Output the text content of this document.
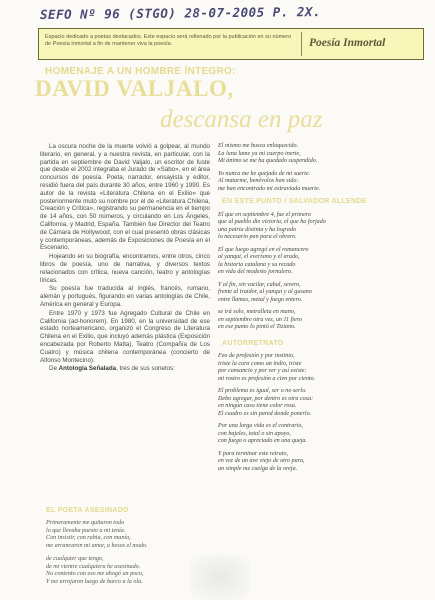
SEFO Nº 96 (STGO) 28-07-2005 P. 2X.
Espacio dedicado a poetas destacados. Este espacio será rellenado por la publicación en su número de Poesía Inmortal a fin de mantener viva la poesía.	Poesía Inmortal
HOMENAJE A UN HOMBRE ÍNTEGRO:
DAVID VALJALO,
descansa en paz

La oscura noche de la muerte volvió a golpear, al mundo literario, en general, y a nuestra revista, en particular, con la partida en septiembre de David Valjalo, un escritor de fuste que desde el 2002 integraba el Jurado de «Sabo», en el área concursos de poesía. Poeta, narrador, ensayista y editor, residió fuera del país durante 30 años, entre 1960 y 1990. Es autor de la revista «Literatura Chilena en el Exilio» que posteriormente mutó su nombre por el de «Literatura Chilena, Creación y Crítica», registrando su permanencia en el tiempo de 14 años, con 50 números, y circulando en Los Ángeles, California, y Madrid, España. También fue Director del Teatro de Cámara de Hollywood, con el cual presentó obras clásicas y contemporáneas, además de Exposiciones de Poesía en el Escenario.

Hojeando en su biografía, encontramos, entre otros, cinco libros de poesía, uno de narrativa, y diversos textos relacionados con crítica, nueva canción, teatro y antologías líricas.

Su poesía fue traducida al inglés, francés, rumano, alemán y portugués, figurando en varias antologías de Chile, América en general y Europa.

Entre 1970 y 1973 fue Agregado Cultural de Chile en California (ad-honorem). En 1980, en la universidad de ese estado norteamericano, organizó el Congreso de Literatura Chilena en el Exilio, que incluyó además plástica (Exposición encabezada por Roberto Matta), Teatro (Compañía de Los Cuatro) y música chilena contemporánea (concierto de Alfonso Montecino).

De Antología Señalada, tres de sus sonetos:

EL POETA ASESINADO
Primeramente me quitaron todo
lo que llevaba puesto a mi tenía.
Con insistir, con rabia, con manía,
me arrancaron mi amor, a besos el modo.
de cualquier que tengo,
de mi vientre cualquiera he asesinado.
No contento con eso me ahogó un poco,
Y me arrojaron luego de barco a la ola.
El mismo me busca enloquecido.
La luna lame ya mi cuerpo inerte,
Mi ánimo se me ha quedado suspendido.
Yo nunca me he quejado de mi suerte.
Al matarme, benévolos han sido:
me han encontrado mi extraviada muerte.
EN ESTE PUNTO / SALVADOR ALLENDE
El que en septiembre 4, fue el primero
que al pueblo dio victoria, el que ha forjado
una patria distinta y ha logrado
lo necesario pan para el obrero.
El que luego agregó en el romancero
al yanqui, el everismo y el arado,
la historia catalana y su recado
en vida del modesto jornalero.
Y al fin, sin vacilar, cabal, severo,
frente al traidor, al yanqui y al gusano
entre llamas, metal y fuego entero.
se irá solo, metralleta en mano,
en septiembre otra vez, un 11 fiero
en ese punto lo pintó el Tiziano.
AUTORRETRATO
Feo de profesión y por instinto,
triste la cara como un indio, triste
por cansancio y por ver y así existe:
mi rostro es profesión a cien por ciento.
El problema es igual, ser o no serlo.
Debo agregar, por dentro es otra cosa:
en ningún caso tiene color rosa.
El cuadro es sin pared donde ponerlo.
Por una larga vida es el contrario,
con bajeles, total o sin apoyo,
con fuego o apreciado en una queja.
Y para terminar este retrato,
en vez de un ave viejo de otro para,
un simple me cuelga de la oreja.
